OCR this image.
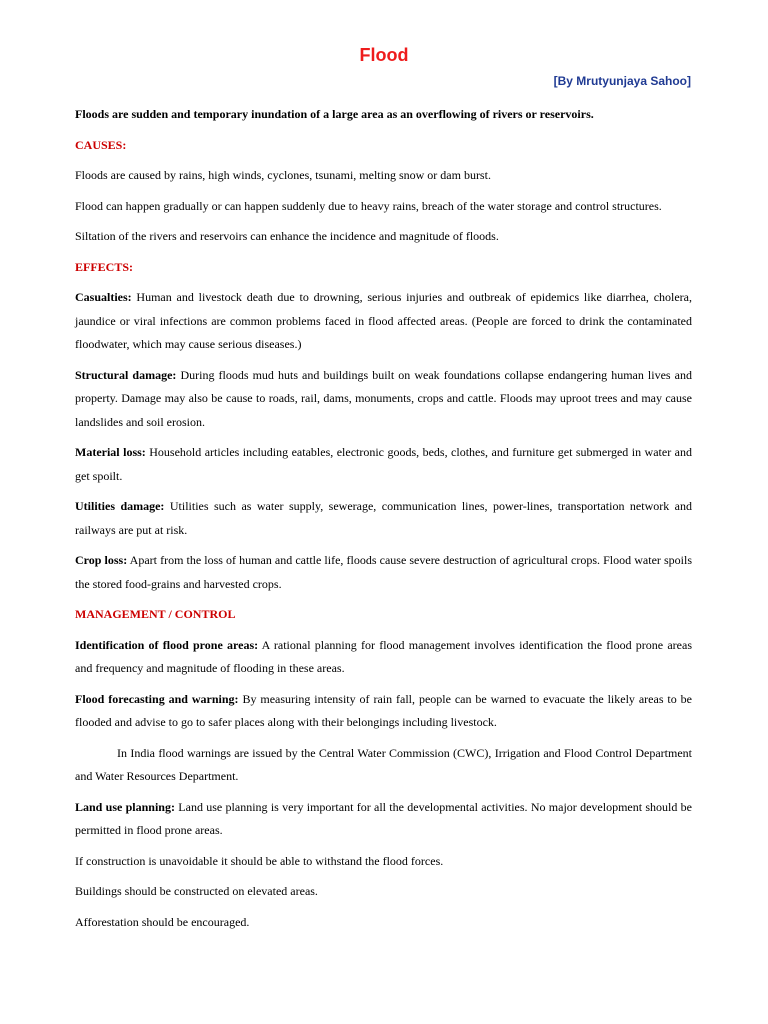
Flood
[By Mrutyunjaya Sahoo]

Floods are sudden and temporary inundation of a large area as an overflowing of rivers or reservoirs.

CAUSES:

Floods are caused by rains, high winds, cyclones, tsunami, melting snow or dam burst.

Flood can happen gradually or can happen suddenly due to heavy rains, breach of the water storage and control structures.

Siltation of the rivers and reservoirs can enhance the incidence and magnitude of floods.

EFFECTS:

Casualties: Human and livestock death due to drowning, serious injuries and outbreak of epidemics like diarrhea, cholera, jaundice or viral infections are common problems faced in flood affected areas. (People are forced to drink the contaminated floodwater, which may cause serious diseases.)

Structural damage: During floods mud huts and buildings built on weak foundations collapse endangering human lives and property. Damage may also be cause to roads, rail, dams, monuments, crops and cattle. Floods may uproot trees and may cause landslides and soil erosion.

Material loss: Household articles including eatables, electronic goods, beds, clothes, and furniture get submerged in water and get spoilt.

Utilities damage: Utilities such as water supply, sewerage, communication lines, power-lines, transportation network and railways are put at risk.

Crop loss: Apart from the loss of human and cattle life, floods cause severe destruction of agricultural crops. Flood water spoils the stored food-grains and harvested crops.

MANAGEMENT / CONTROL

Identification of flood prone areas: A rational planning for flood management involves identification the flood prone areas and frequency and magnitude of flooding in these areas.

Flood forecasting and warning: By measuring intensity of rain fall, people can be warned to evacuate the likely areas to be flooded and advise to go to safer places along with their belongings including livestock.

In India flood warnings are issued by the Central Water Commission (CWC), Irrigation and Flood Control Department and Water Resources Department.

Land use planning: Land use planning is very important for all the developmental activities. No major development should be permitted in flood prone areas.

If construction is unavoidable it should be able to withstand the flood forces.

Buildings should be constructed on elevated areas.

Afforestation should be encouraged.
